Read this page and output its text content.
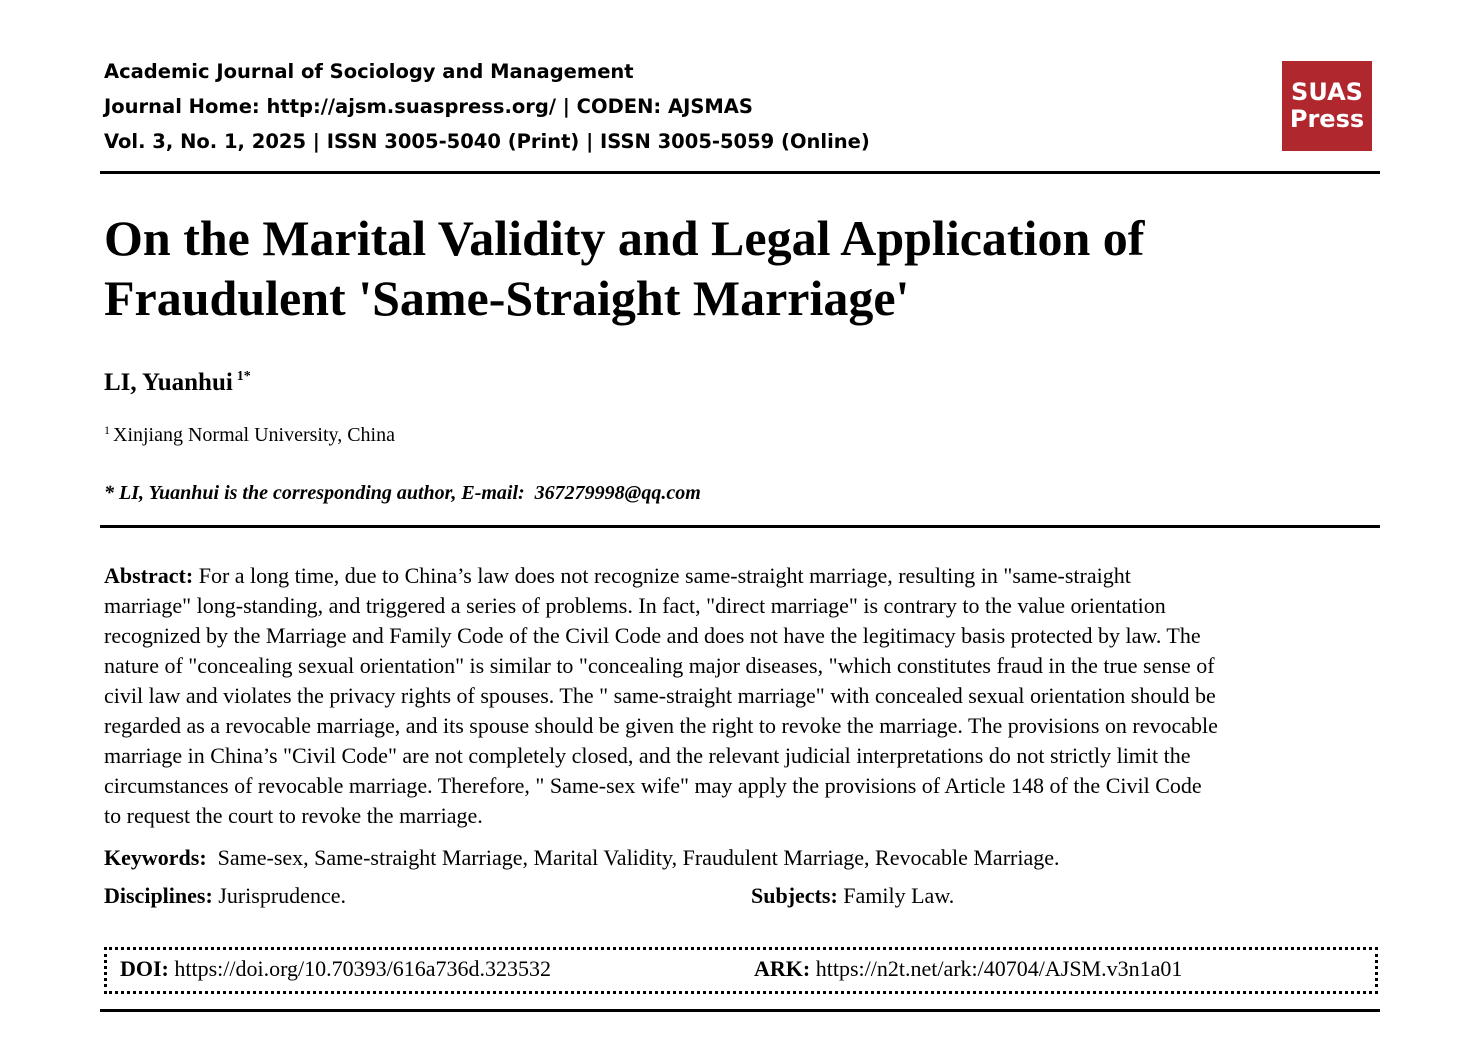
Academic Journal of Sociology and Management
Journal Home: http://ajsm.suaspress.org/ | CODEN: AJSMAS
Vol. 3, No. 1, 2025 | ISSN 3005-5040 (Print) | ISSN 3005-5059 (Online)
SUAS
Press
On the Marital Validity and Legal Application of
Fraudulent 'Same-Straight Marriage'
LI, Yuanhui $^{1*}$
$^1$ Xinjiang Normal University, China
* LI, Yuanhui is the corresponding author, E-mail:  367279998@qq.com
Abstract: For a long time, due to China’s law does not recognize same-straight marriage, resulting in "same-straight
marriage" long-standing, and triggered a series of problems. In fact, "direct marriage" is contrary to the value orientation
recognized by the Marriage and Family Code of the Civil Code and does not have the legitimacy basis protected by law. The
nature of "concealing sexual orientation" is similar to "concealing major diseases, "which constitutes fraud in the true sense of
civil law and violates the privacy rights of spouses. The " same-straight marriage" with concealed sexual orientation should be
regarded as a revocable marriage, and its spouse should be given the right to revoke the marriage. The provisions on revocable
marriage in China’s "Civil Code" are not completely closed, and the relevant judicial interpretations do not strictly limit the
circumstances of revocable marriage. Therefore, " Same-sex wife" may apply the provisions of Article 148 of the Civil Code
to request the court to revoke the marriage.
Keywords:  Same-sex, Same-straight Marriage, Marital Validity, Fraudulent Marriage, Revocable Marriage.
Disciplines: Jurisprudence.	Subjects: Family Law.
DOI: https://doi.org/10.70393/616a736d.323532	ARK: https://n2t.net/ark:/40704/AJSM.v3n1a01
